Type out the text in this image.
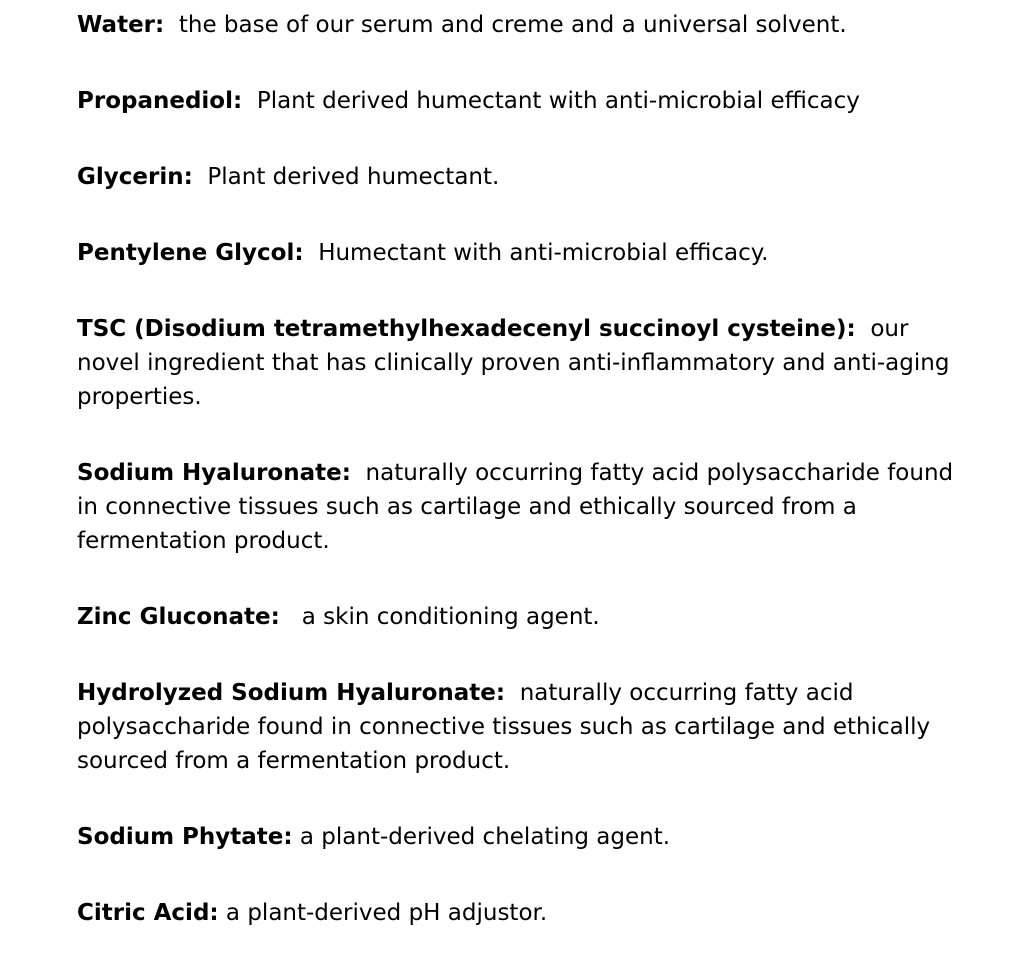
Water: the base of our serum and creme and a universal solvent.

Propanediol: Plant derived humectant with anti-microbial efficacy

Glycerin: Plant derived humectant.

Pentylene Glycol: Humectant with anti-microbial efficacy.

TSC (Disodium tetramethylhexadecenyl succinoyl cysteine): our novel ingredient that has clinically proven anti-inflammatory and anti-aging properties.

Sodium Hyaluronate: naturally occurring fatty acid polysaccharide found in connective tissues such as cartilage and ethically sourced from a fermentation product.

Zinc Gluconate: a skin conditioning agent.

Hydrolyzed Sodium Hyaluronate: naturally occurring fatty acid polysaccharide found in connective tissues such as cartilage and ethically sourced from a fermentation product.

Sodium Phytate: a plant-derived chelating agent.

Citric Acid: a plant-derived pH adjustor.
